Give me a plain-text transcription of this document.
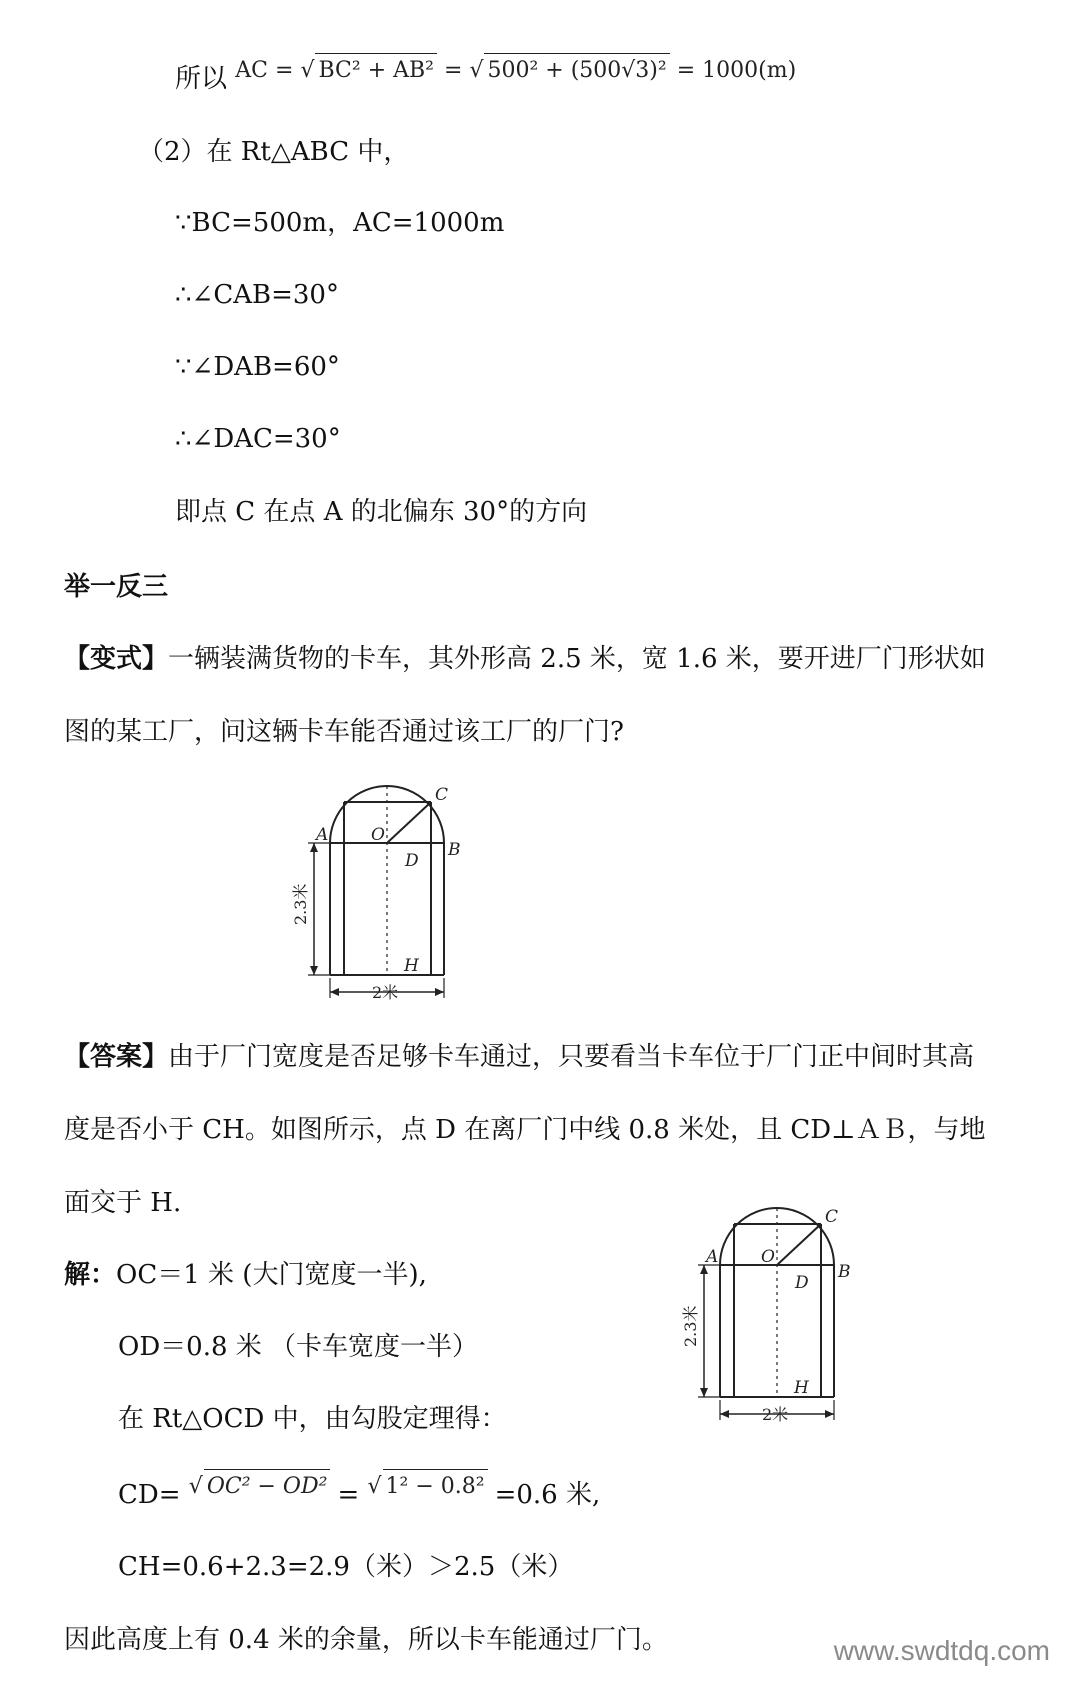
所以 $^{AC = √ BC^2 + AB^2 = √ 500^2 + (500√3)^2 = 1000(m)}$
（2）在 Rt△ABC 中，
∵BC=500m，AC=1000m
∴∠CAB=30°
∵∠DAB=60°
∴∠DAC=30°
即点 C 在点 A 的北偏东 30°的方向
举一反三
【变式】一辆装满货物的卡车，其外形高 2.5 米，宽 1.6 米，要开进厂门形状如
图的某工厂，问这辆卡车能否通过该工厂的厂门?
C
A	O
B
D
H
2.3米
2米
【答案】由于厂门宽度是否足够卡车通过，只要看当卡车位于厂门正中间时其高
度是否小于 CH。如图所示，点 D 在离厂门中线 0.8 米处，且 CD⊥ＡＢ，与地
面交于 H.
解：OC＝1 米 (大门宽度一半),
OD＝0.8 米 （卡车宽度一半）
在 Rt△OCD 中，由勾股定理得：
CD= $^{√ OC^2 - OD^2}$ = $^{√ 1^2 - 0.8^2}$ =0.6 米,
CH=0.6+2.3=2.9（米）＞2.5（米）
因此高度上有 0.4 米的余量，所以卡车能通过厂门。
C
A	O
B
D
H
2.3米
2米
www.swdtdq.com
